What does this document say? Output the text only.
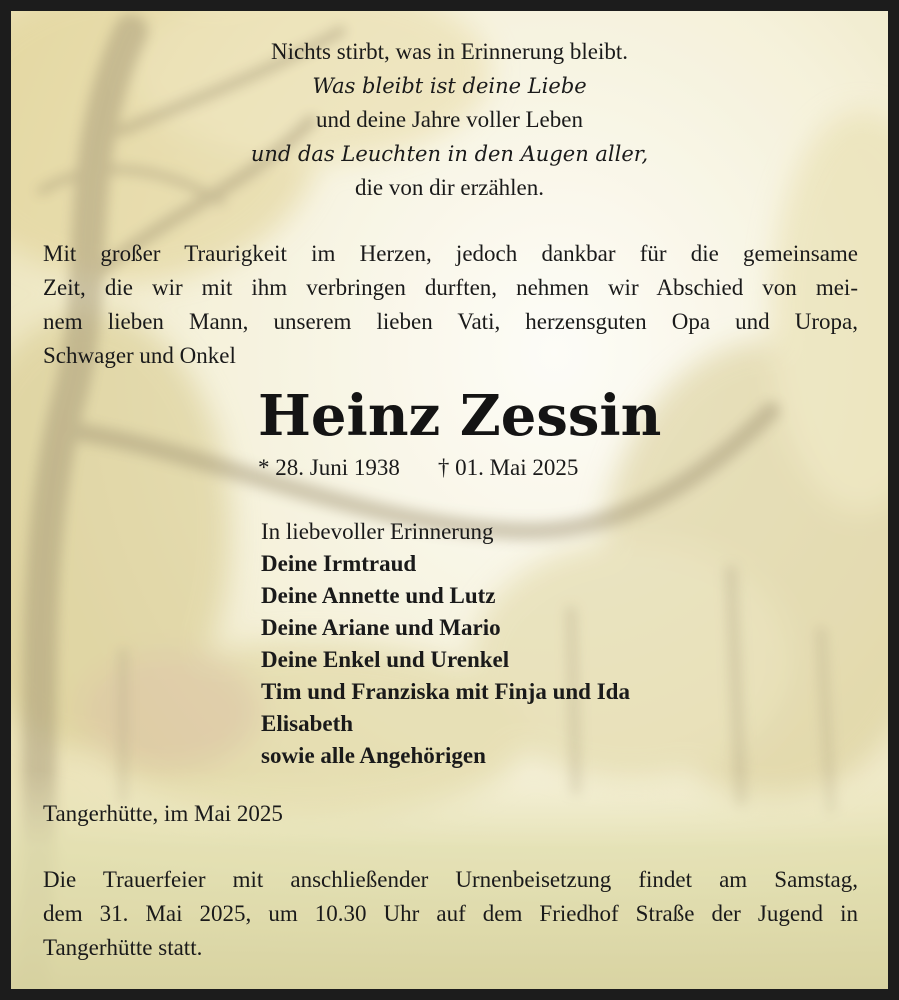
Nichts stirbt, was in Erinnerung bleibt.
Was bleibt ist deine Liebe
und deine Jahre voller Leben
und das Leuchten in den Augen aller,
die von dir erzählen.
Mit großer Traurigkeit im Herzen, jedoch dankbar für die gemeinsame
Zeit, die wir mit ihm verbringen durften, nehmen wir Abschied von mei-
nem lieben Mann, unserem lieben Vati, herzensguten Opa und Uropa,
Schwager und Onkel
Heinz Zessin
* 28. Juni 1938 † 01. Mai 2025
In liebevoller Erinnerung
Deine Irmtraud
Deine Annette und Lutz
Deine Ariane und Mario
Deine Enkel und Urenkel
Tim und Franziska mit Finja und Ida
Elisabeth
sowie alle Angehörigen
Tangerhütte, im Mai 2025
Die Trauerfeier mit anschließender Urnenbeisetzung findet am Samstag,
dem 31. Mai 2025, um 10.30 Uhr auf dem Friedhof Straße der Jugend in
Tangerhütte statt.
